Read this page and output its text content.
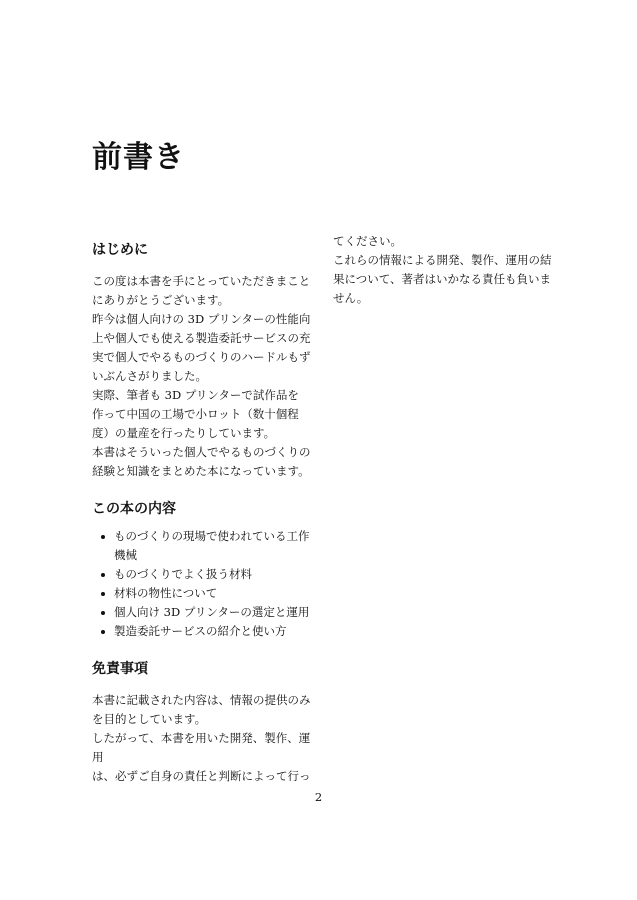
前書き
はじめに
この度は本書を手にとっていただきまこと
にありがとうございます。
昨今は個人向けの 3D プリンターの性能向
上や個人でも使える製造委託サービスの充
実で個人でやるものづくりのハードルもず
いぶんさがりました。
実際、筆者も 3D プリンターで試作品を
作って中国の工場で小ロット（数十個程
度）の量産を行ったりしています。
本書はそういった個人でやるものづくりの
経験と知識をまとめた本になっています。
この本の内容
ものづくりの現場で使われている工作
機械
ものづくりでよく扱う材料
材料の物性について
個人向け 3D プリンターの選定と運用
製造委託サービスの紹介と使い方
免責事項
本書に記載された内容は、情報の提供のみ
を目的としています。
したがって、本書を用いた開発、製作、運用
は、必ずご自身の責任と判断によって行っ
てください。
これらの情報による開発、製作、運用の結
果について、著者はいかなる責任も負いま
せん。
2
